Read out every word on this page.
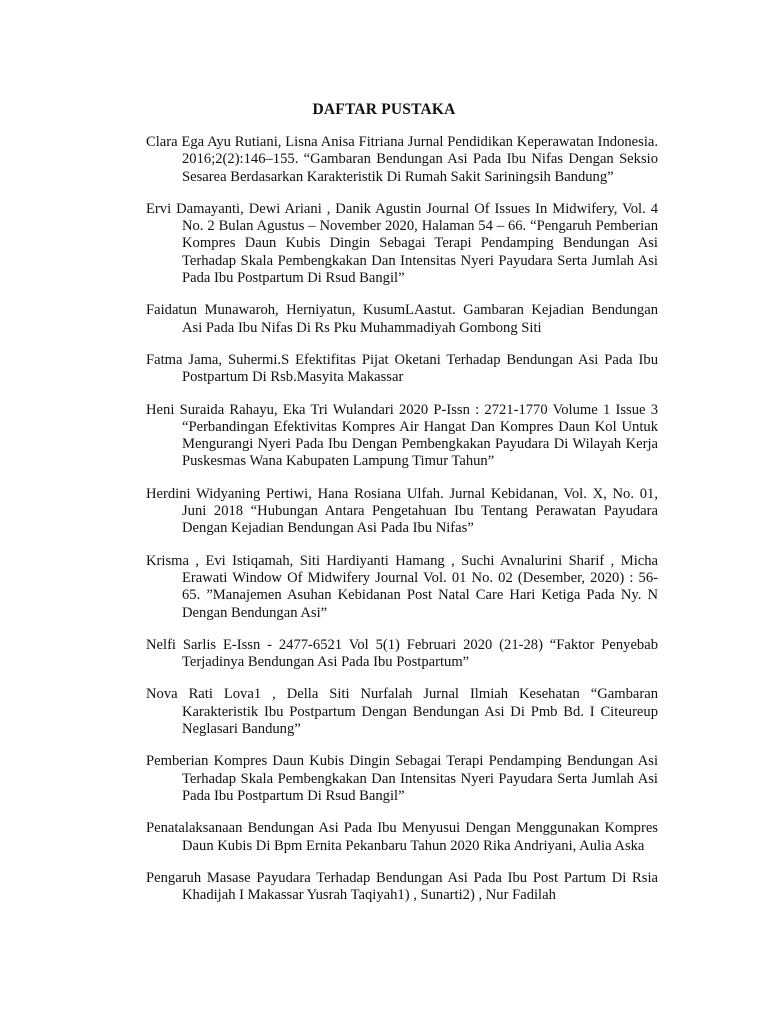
DAFTAR PUSTAKA
Clara Ega Ayu Rutiani, Lisna Anisa Fitriana Jurnal Pendidikan Keperawatan Indonesia. 2016;2(2):146–155. “Gambaran Bendungan Asi Pada Ibu Nifas Dengan Seksio Sesarea Berdasarkan Karakteristik Di Rumah Sakit Sariningsih Bandung”
Ervi Damayanti, Dewi Ariani , Danik Agustin Journal Of Issues In Midwifery, Vol. 4 No. 2 Bulan Agustus – November 2020, Halaman 54 – 66. “Pengaruh Pemberian Kompres Daun Kubis Dingin Sebagai Terapi Pendamping Bendungan Asi Terhadap Skala Pembengkakan Dan Intensitas Nyeri Payudara Serta Jumlah Asi Pada Ibu Postpartum Di Rsud Bangil”
Faidatun Munawaroh, Herniyatun, KusumLAastut. Gambaran Kejadian Bendungan Asi Pada Ibu Nifas Di Rs Pku Muhammadiyah Gombong Siti
Fatma Jama, Suhermi.S Efektifitas Pijat Oketani Terhadap Bendungan Asi Pada Ibu Postpartum Di Rsb.Masyita Makassar
Heni Suraida Rahayu, Eka Tri Wulandari 2020 P-Issn : 2721-1770 Volume 1 Issue 3 “Perbandingan Efektivitas Kompres Air Hangat Dan Kompres Daun Kol Untuk Mengurangi Nyeri Pada Ibu Dengan Pembengkakan Payudara Di Wilayah Kerja Puskesmas Wana Kabupaten Lampung Timur Tahun”
Herdini Widyaning Pertiwi, Hana Rosiana Ulfah. Jurnal Kebidanan, Vol. X, No. 01, Juni 2018 “Hubungan Antara Pengetahuan Ibu Tentang Perawatan Payudara Dengan Kejadian Bendungan Asi Pada Ibu Nifas”
Krisma , Evi Istiqamah, Siti Hardiyanti Hamang , Suchi Avnalurini Sharif , Micha Erawati Window Of Midwifery Journal Vol. 01 No. 02 (Desember, 2020) : 56-65. ”Manajemen Asuhan Kebidanan Post Natal Care Hari Ketiga Pada Ny. N Dengan Bendungan Asi”
Nelfi Sarlis E-Issn - 2477-6521 Vol 5(1) Februari 2020 (21-28) “Faktor Penyebab Terjadinya Bendungan Asi Pada Ibu Postpartum”
Nova Rati Lova1 , Della Siti Nurfalah Jurnal Ilmiah Kesehatan “Gambaran Karakteristik Ibu Postpartum Dengan Bendungan Asi Di Pmb Bd. I Citeureup Neglasari Bandung”
Pemberian Kompres Daun Kubis Dingin Sebagai Terapi Pendamping Bendungan Asi Terhadap Skala Pembengkakan Dan Intensitas Nyeri Payudara Serta Jumlah Asi Pada Ibu Postpartum Di Rsud Bangil”
Penatalaksanaan Bendungan Asi Pada Ibu Menyusui Dengan Menggunakan Kompres Daun Kubis Di Bpm Ernita Pekanbaru Tahun 2020 Rika Andriyani, Aulia Aska
Pengaruh Masase Payudara Terhadap Bendungan Asi Pada Ibu Post Partum Di Rsia Khadijah I Makassar Yusrah Taqiyah1) , Sunarti2) , Nur Fadilah
